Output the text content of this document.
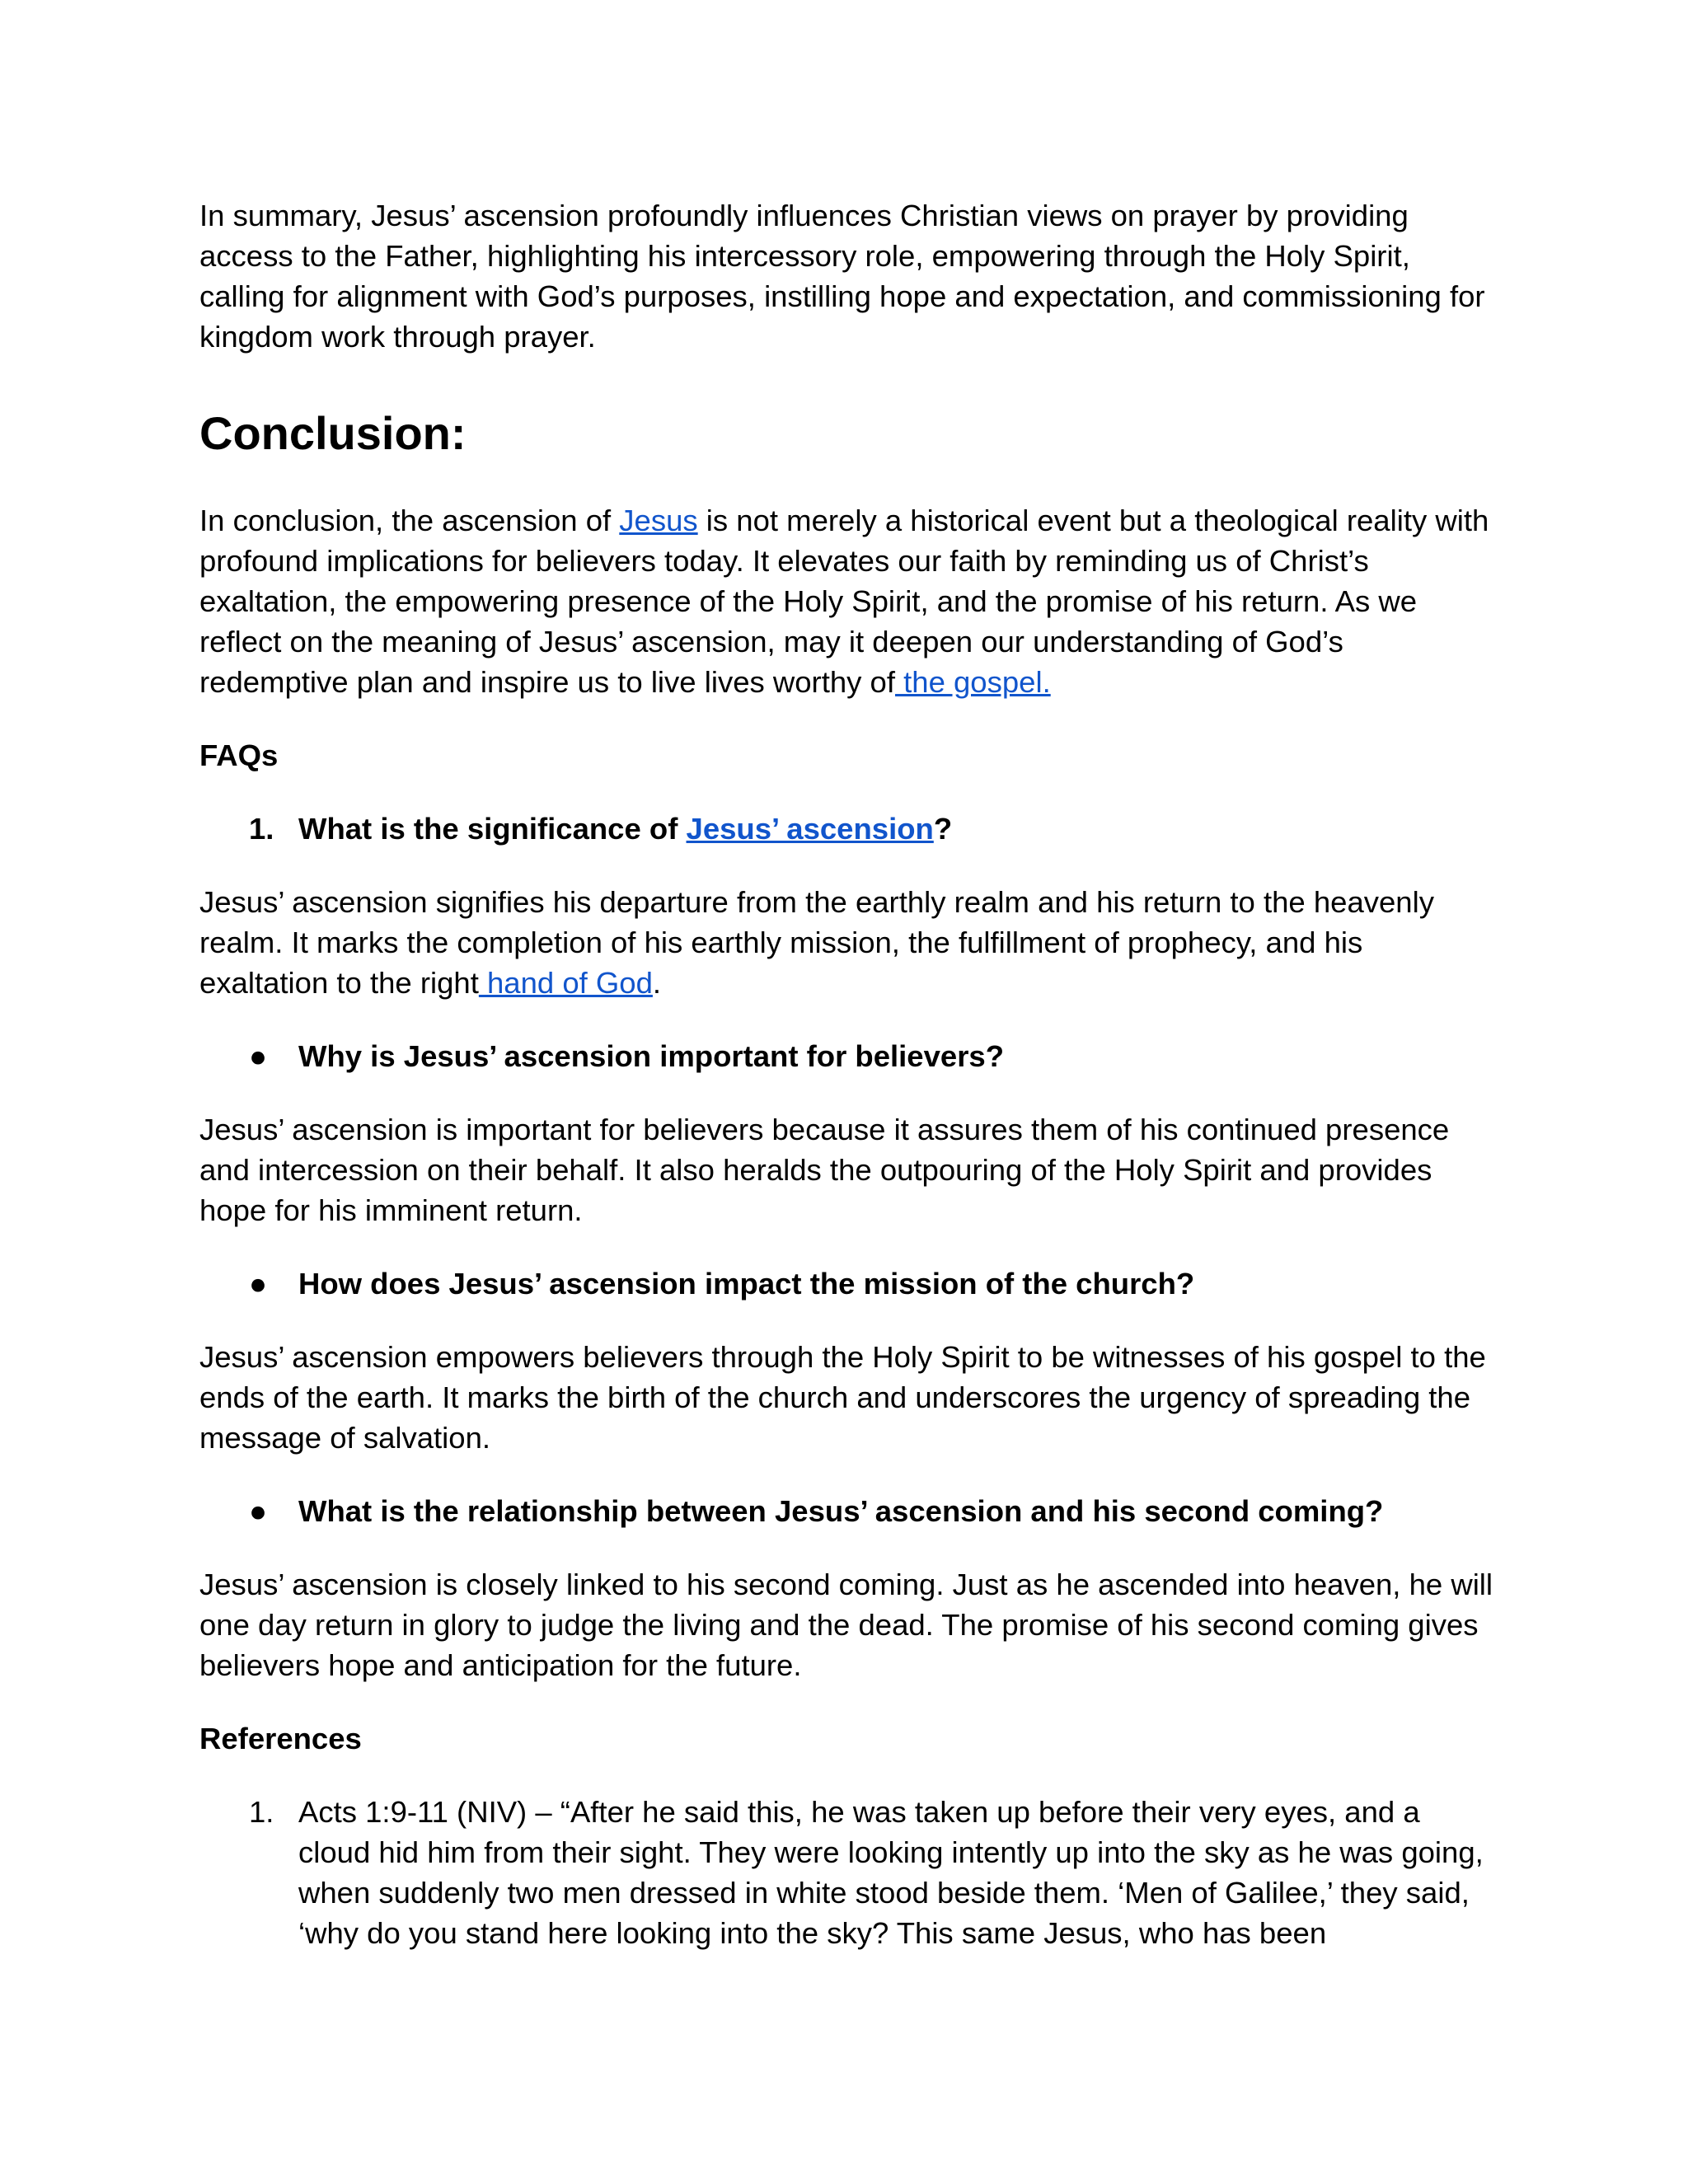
In summary, Jesus’ ascension profoundly influences Christian views on prayer by providing access to the Father, highlighting his intercessory role, empowering through the Holy Spirit, calling for alignment with God’s purposes, instilling hope and expectation, and commissioning for kingdom work through prayer.

Conclusion:

In conclusion, the ascension of Jesus is not merely a historical event but a theological reality with profound implications for believers today. It elevates our faith by reminding us of Christ’s exaltation, the empowering presence of the Holy Spirit, and the promise of his return. As we reflect on the meaning of Jesus’ ascension, may it deepen our understanding of God’s redemptive plan and inspire us to live lives worthy of the gospel.

FAQs

1. What is the significance of Jesus’ ascension?

Jesus’ ascension signifies his departure from the earthly realm and his return to the heavenly realm. It marks the completion of his earthly mission, the fulfillment of prophecy, and his exaltation to the right hand of God.

● Why is Jesus’ ascension important for believers?

Jesus’ ascension is important for believers because it assures them of his continued presence and intercession on their behalf. It also heralds the outpouring of the Holy Spirit and provides hope for his imminent return.

● How does Jesus’ ascension impact the mission of the church?

Jesus’ ascension empowers believers through the Holy Spirit to be witnesses of his gospel to the ends of the earth. It marks the birth of the church and underscores the urgency of spreading the message of salvation.

● What is the relationship between Jesus’ ascension and his second coming?

Jesus’ ascension is closely linked to his second coming. Just as he ascended into heaven, he will one day return in glory to judge the living and the dead. The promise of his second coming gives believers hope and anticipation for the future.

References

1. Acts 1:9-11 (NIV) – “After he said this, he was taken up before their very eyes, and a cloud hid him from their sight. They were looking intently up into the sky as he was going, when suddenly two men dressed in white stood beside them. ‘Men of Galilee,’ they said, ‘why do you stand here looking into the sky? This same Jesus, who has been
